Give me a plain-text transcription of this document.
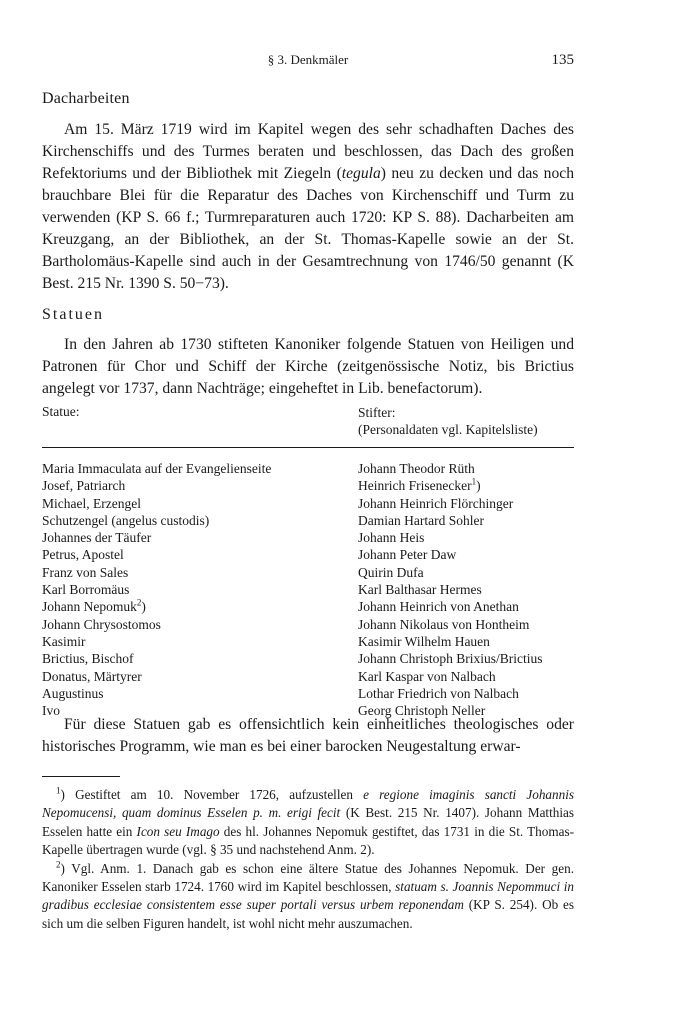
§ 3. Denkmäler	135
Dacharbeiten

Am 15. März 1719 wird im Kapitel wegen des sehr schadhaften Daches des Kirchenschiffs und des Turmes beraten und beschlossen, das Dach des großen Refektoriums und der Bibliothek mit Ziegeln (tegula) neu zu decken und das noch brauchbare Blei für die Reparatur des Daches von Kirchenschiff und Turm zu verwenden (KP S. 66 f.; Turmreparaturen auch 1720: KP S. 88). Dacharbeiten am Kreuzgang, an der Bibliothek, an der St. Thomas-Kapelle sowie an der St. Bartholomäus-Kapelle sind auch in der Gesamtrechnung von 1746/50 genannt (K Best. 215 Nr. 1390 S. 50−73).

Statuen

In den Jahren ab 1730 stifteten Kanoniker folgende Statuen von Heiligen und Patronen für Chor und Schiff der Kirche (zeitgenössische Notiz, bis Brictius angelegt vor 1737, dann Nachträge; eingeheftet in Lib. benefactorum).

Statue:	Stifter:
(Personaldaten vgl. Kapitelsliste)
Maria Immaculata auf der Evangelienseite	Johann Theodor Rüth
Josef, Patriarch	Heinrich Frisenecker$^1$)
Michael, Erzengel	Johann Heinrich Flörchinger
Schutzengel (angelus custodis)	Damian Hartard Sohler
Johannes der Täufer	Johann Heis
Petrus, Apostel	Johann Peter Daw
Franz von Sales	Quirin Dufa
Karl Borromäus	Karl Balthasar Hermes
Johann Nepomuk$^2$)	Johann Heinrich von Anethan
Johann Chrysostomos	Johann Nikolaus von Hontheim
Kasimir	Kasimir Wilhelm Hauen
Brictius, Bischof	Johann Christoph Brixius/Brictius
Donatus, Märtyrer	Karl Kaspar von Nalbach
Augustinus	Lothar Friedrich von Nalbach
Ivo	Georg Christoph Neller

Für diese Statuen gab es offensichtlich kein einheitliches theologisches oder historisches Programm, wie man es bei einer barocken Neugestaltung erwar-

$^1$) Gestiftet am 10. November 1726, aufzustellen e regione imaginis sancti Johannis Nepomucensi, quam dominus Esselen p. m. erigi fecit (K Best. 215 Nr. 1407). Johann Matthias Esselen hatte ein Icon seu Imago des hl. Johannes Nepomuk gestiftet, das 1731 in die St. Thomas-Kapelle übertragen wurde (vgl. § 35 und nachstehend Anm. 2).

$^2$) Vgl. Anm. 1. Danach gab es schon eine ältere Statue des Johannes Nepomuk. Der gen. Kanoniker Esselen starb 1724. 1760 wird im Kapitel beschlossen, statuam s. Joannis Nepommuci in gradibus ecclesiae consistentem esse super portali versus urbem reponendam (KP S. 254). Ob es sich um die selben Figuren handelt, ist wohl nicht mehr auszumachen.
